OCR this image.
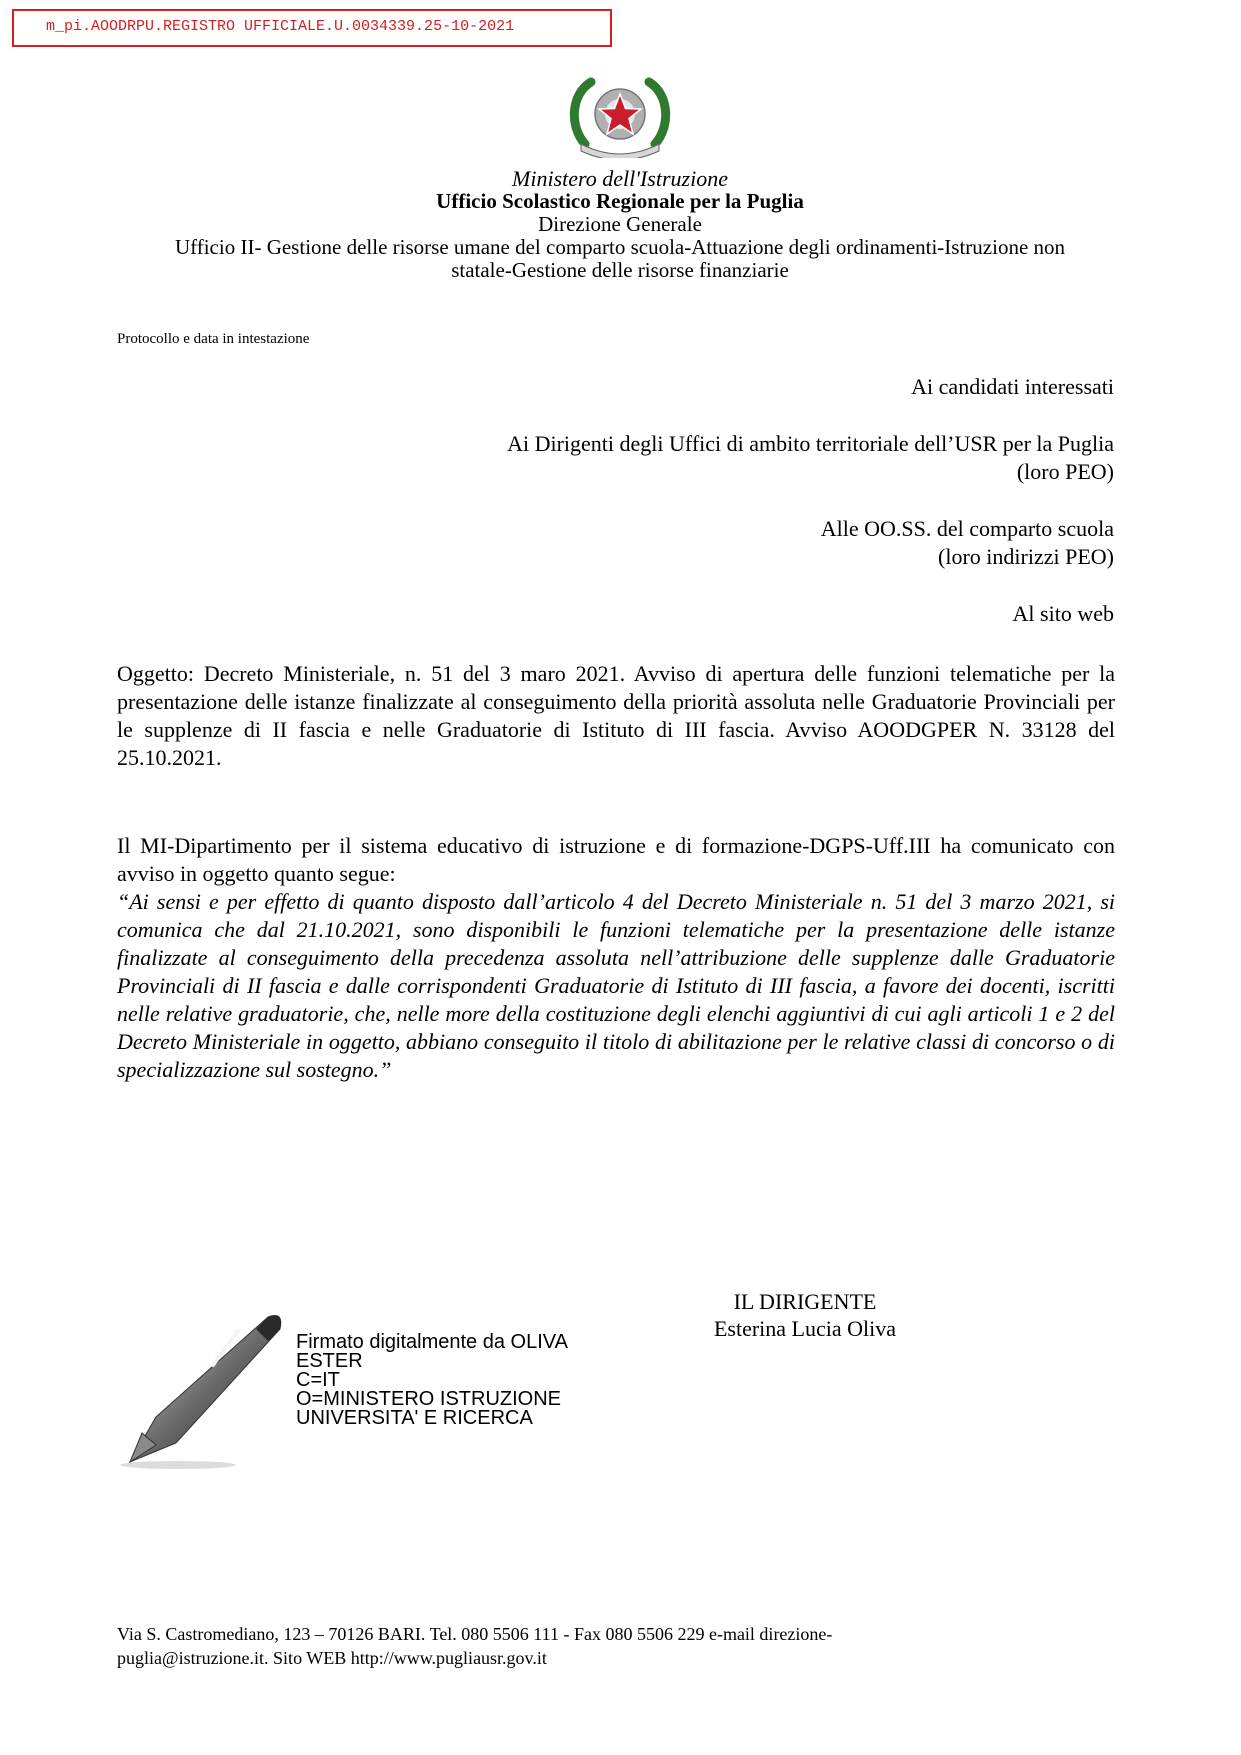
m_pi.AOODRPU.REGISTRO UFFICIALE.U.0034339.25-10-2021
Ministero dell'Istruzione
Ufficio Scolastico Regionale per la Puglia
Direzione Generale
Ufficio II- Gestione delle risorse umane del comparto scuola-Attuazione degli ordinamenti-Istruzione non
statale-Gestione delle risorse finanziarie
Protocollo e data in intestazione
Ai candidati interessati
Ai Dirigenti degli Uffici di ambito territoriale dell’USR per la Puglia
(loro PEO)
Alle OO.SS. del comparto scuola
(loro indirizzi PEO)
Al sito web
Oggetto: Decreto Ministeriale, n. 51 del 3 maro 2021. Avviso di apertura delle funzioni telematiche per la presentazione delle istanze finalizzate al conseguimento della priorità assoluta nelle Graduatorie Provinciali per le supplenze di II fascia e nelle Graduatorie di Istituto di III fascia. Avviso AOODGPER N. 33128 del 25.10.2021.
Il MI-Dipartimento per il sistema educativo di istruzione e di formazione-DGPS-Uff.III ha comunicato con avviso in oggetto quanto segue:
“Ai sensi e per effetto di quanto disposto dall’articolo 4 del Decreto Ministeriale n. 51 del 3 marzo 2021, si comunica che dal 21.10.2021, sono disponibili le funzioni telematiche per la presentazione delle istanze finalizzate al conseguimento della precedenza assoluta nell’attribuzione delle supplenze dalle Graduatorie Provinciali di II fascia e dalle corrispondenti Graduatorie di Istituto di III fascia, a favore dei docenti, iscritti nelle relative graduatorie, che, nelle more della costituzione degli elenchi aggiuntivi di cui agli articoli 1 e 2 del Decreto Ministeriale in oggetto, abbiano conseguito il titolo di abilitazione per le relative classi di concorso o di specializzazione sul sostegno.”
IL DIRIGENTE
Esterina Lucia Oliva
Firmato digitalmente da OLIVA
ESTER
C=IT
O=MINISTERO ISTRUZIONE
UNIVERSITA' E RICERCA
Via S. Castromediano, 123 – 70126 BARI. Tel. 080 5506 111 - Fax 080 5506 229 e-mail direzione-
puglia@istruzione.it. Sito WEB http://www.pugliausr.gov.it
